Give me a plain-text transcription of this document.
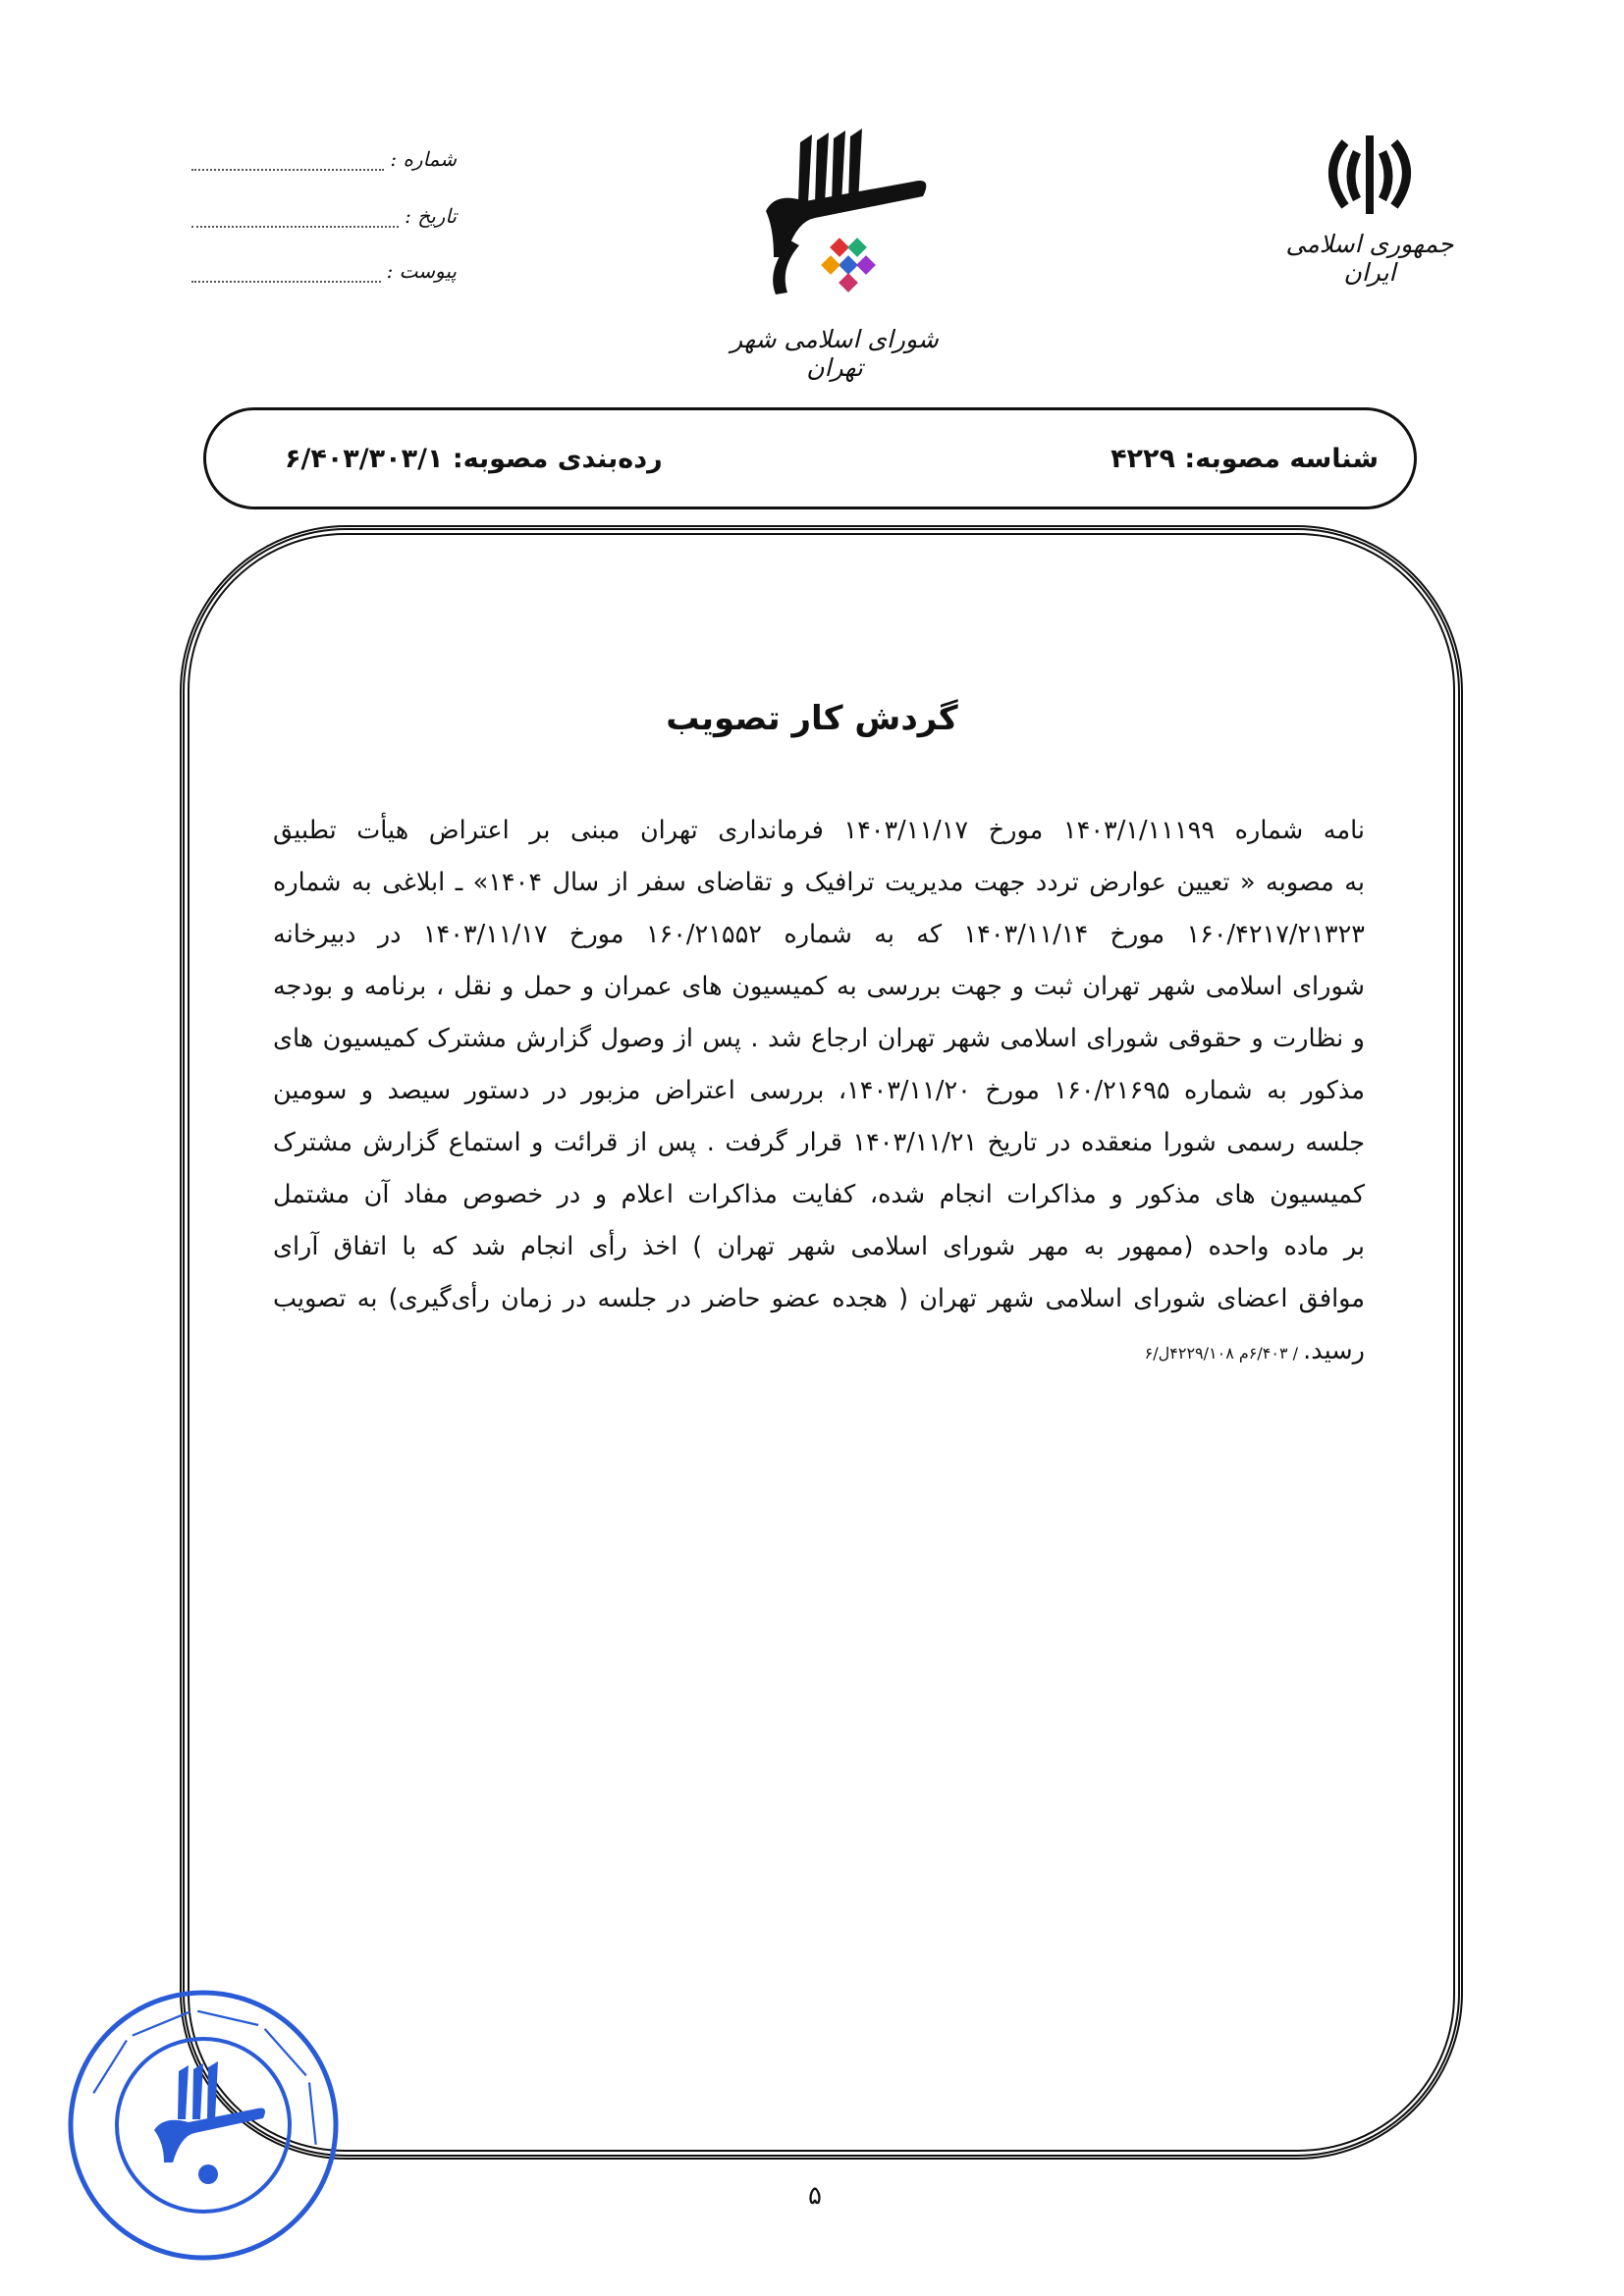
شماره :
تاریخ :
پیوست :
شورای اسلامی شهر تهران
جمهوری اسلامی ایران
شناسه مصوبه: ۴۲۲۹
رده‌بندی مصوبه: ۶/۴۰۳/۳۰۳/۱
گردش کار تصویب
نامه شماره ۱۴۰۳/۱/۱۱۱۹۹ مورخ ۱۴۰۳/۱۱/۱۷ فرمانداری تهران مبنی بر اعتراض هیأت تطبیق
به مصوبه « تعیین عوارض تردد جهت مدیریت ترافیک و تقاضای سفر از سال ۱۴۰۴» ـ ابلاغی به شماره
۱۶۰/۴۲۱۷/۲۱۳۲۳ مورخ ۱۴۰۳/۱۱/۱۴ که به شماره ۱۶۰/۲۱۵۵۲ مورخ ۱۴۰۳/۱۱/۱۷ در دبیرخانه
شورای اسلامی شهر تهران ثبت و جهت بررسی به کمیسیون های عمران و حمل و نقل ، برنامه و بودجه
و نظارت و حقوقی شورای اسلامی شهر تهران ارجاع شد . پس از وصول گزارش مشترک کمیسیون های
مذکور به شماره ۱۶۰/۲۱۶۹۵ مورخ ۱۴۰۳/۱۱/۲۰، بررسی اعتراض مزبور در دستور سیصد و سومین
جلسه رسمی شورا منعقده در تاریخ ۱۴۰۳/۱۱/۲۱ قرار گرفت . پس از قرائت و استماع گزارش مشترک
کمیسیون های مذکور و مذاکرات انجام شده، کفایت مذاکرات اعلام و در خصوص مفاد آن مشتمل
بر ماده واحده (ممهور به مهر شورای اسلامی شهر تهران ) اخذ رأی انجام شد که با اتفاق آرای
موافق اعضای شورای اسلامی شهر تهران ( هجده عضو حاضر در جلسه در زمان رأی‌گیری) به تصویب
رسید. / ۶/۴۰۳م ۴۲۲۹/۱۰۸ل/۶
⸻⸻⸻⸻⸻
۵
